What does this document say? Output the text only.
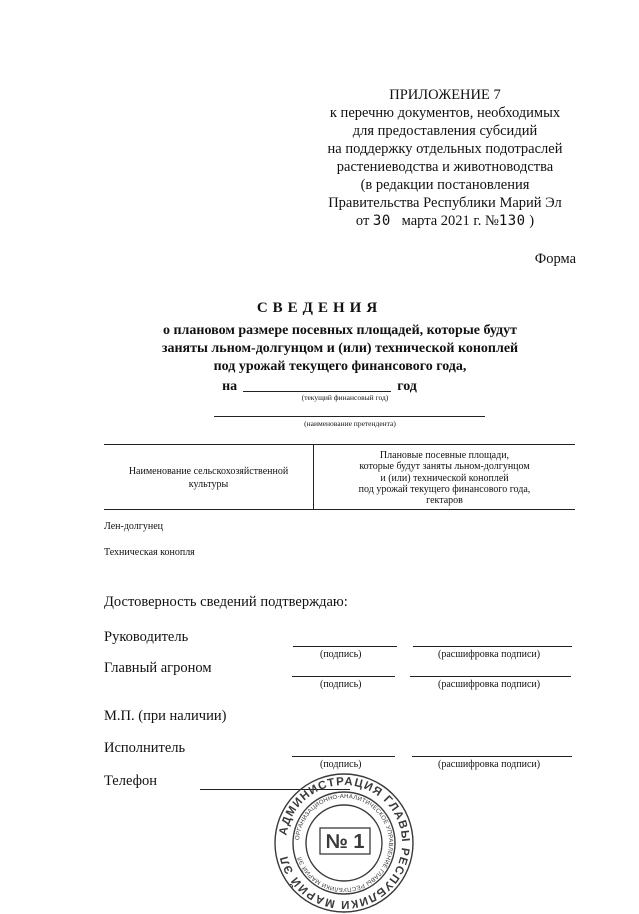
ПРИЛОЖЕНИЕ 7
к перечню документов, необходимых
для предоставления субсидий
на поддержку отдельных подотраслей
растениеводства и животноводства
(в редакции постановления
Правительства Республики Марий Эл
от 30 марта 2021 г. №130 )
Форма
СВЕДЕНИЯ
о плановом размере посевных площадей, которые будут
заняты льном-долгунцом и (или) технической коноплей
под урожай текущего финансового года,
на	год
(текущий финансовый год)
(наименование претендента)
Наименование сельскохозяйственной
культуры
Плановые посевные площади,
которые будут заняты льном-долгунцом
и (или) технической коноплей
под урожай текущего финансового года,
гектаров
Лен-долгунец
Техническая конопля
Достоверность сведений подтверждаю:
Руководитель
(подпись)	(расшифровка подписи)
Главный агроном
(подпись)	(расшифровка подписи)
М.П. (при наличии)
Исполнитель
(подпись)	(расшифровка подписи)
Телефон
АДМИНИСТРАЦИЯ ГЛАВЫ РЕСПУБЛИКИ МАРИЙ ЭЛ
ОРГАНИЗАЦИОННО-АНАЛИТИЧЕСКОЕ УПРАВЛЕНИЕ ГЛАВЫ РЕСПУБЛИКИ МАРИЙ ЭЛ
№ 1
